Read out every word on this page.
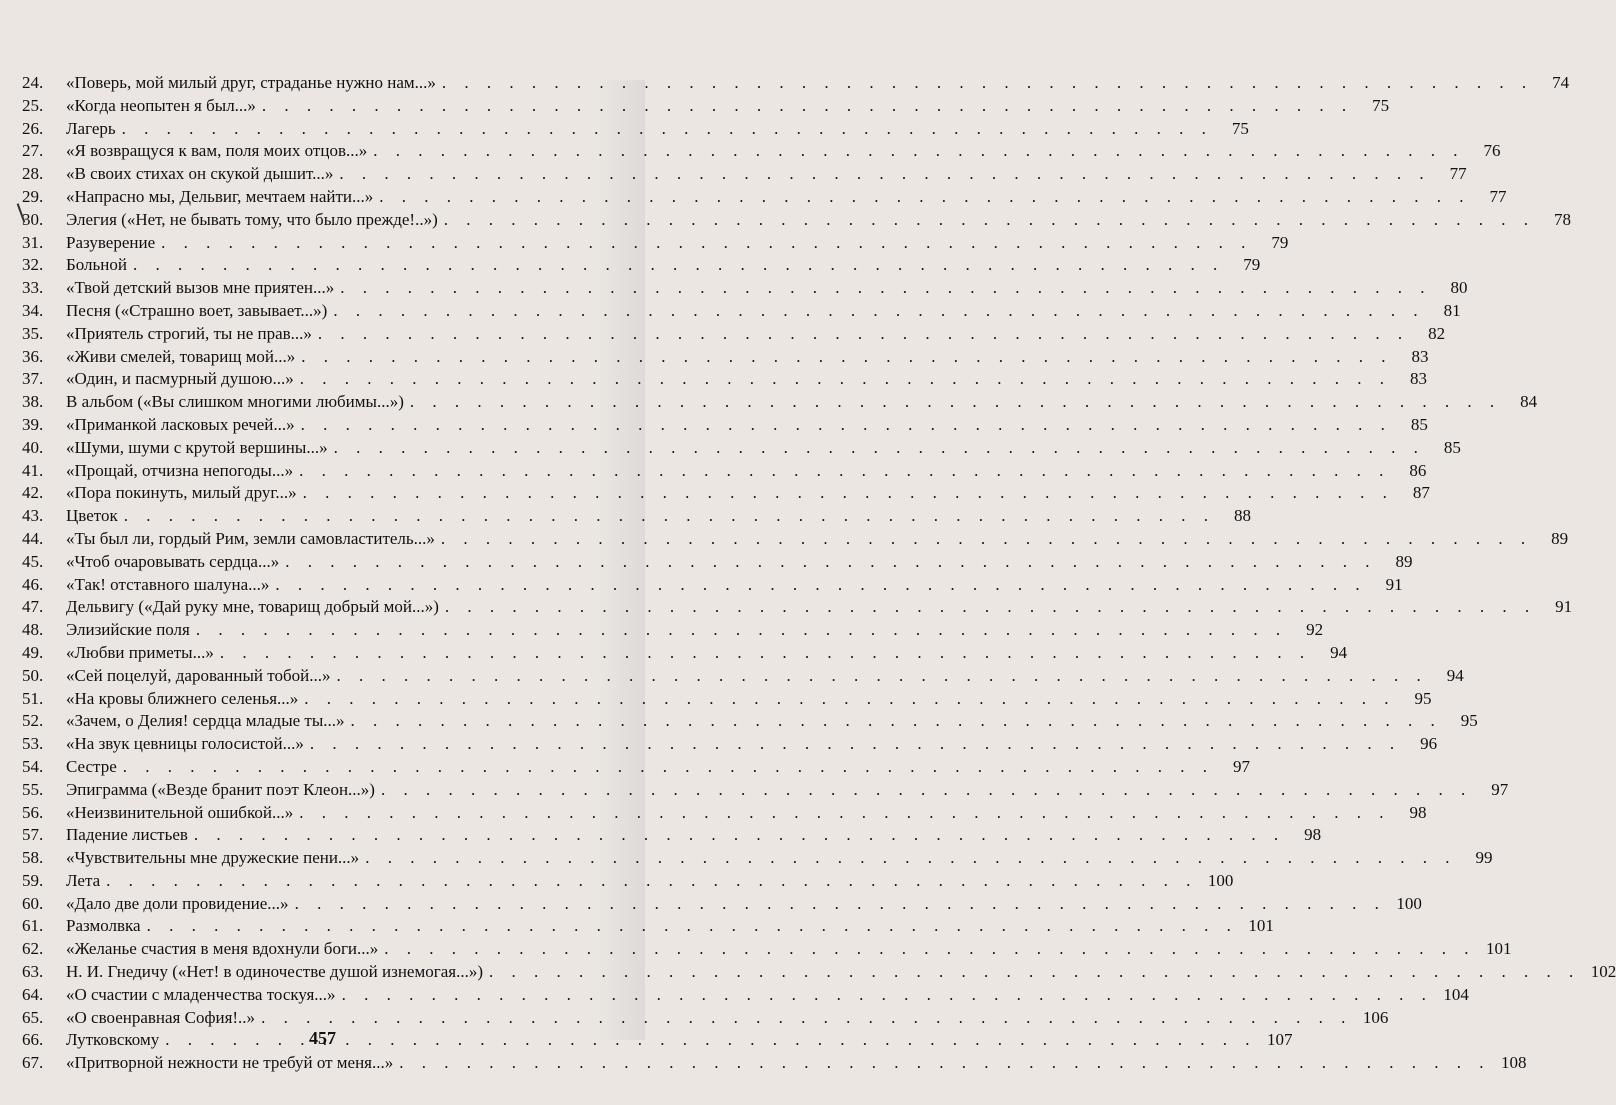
24.	«Поверь, мой милый друг, страданье нужно нам...» . . .	74
25.	«Когда неопытен я был...» . . .	75
26.	Лагерь . . .	75
27.	«Я возвращуся к вам, поля моих отцов...» . . .	76
28.	«В своих стихах он скукой дышит...» . . .	77
29.	«Напрасно мы, Дельвиг, мечтаем найти...» . . .	77
30.	Элегия («Нет, не бывать тому, что было прежде!..») . . .	78
31.	Разуверение . . .	79
32.	Больной . . .	79
33.	«Твой детский вызов мне приятен...» . . .	80
34.	Песня («Страшно воет, завывает...») . . .	81
35.	«Приятель строгий, ты не прав...» . . .	82
36.	«Живи смелей, товарищ мой...» . . .	83
37.	«Один, и пасмурный душою...» . . .	83
38.	В альбом («Вы слишком многими любимы...») . . .	84
39.	«Приманкой ласковых речей...» . . .	85
40.	«Шуми, шуми с крутой вершины...» . . .	85
41.	«Прощай, отчизна непогоды...» . . .	86
42.	«Пора покинуть, милый друг...» . . .	87
43.	Цветок . . .	88
44.	«Ты был ли, гордый Рим, земли самовластитель...» . . .	89
45.	«Чтоб очаровывать сердца...» . . .	89
46.	«Так! отставного шалуна...» . . .	91
47.	Дельвигу («Дай руку мне, товарищ добрый мой...») . . .	91
48.	Элизийские поля . . .	92
49.	«Любви приметы...» . . .	94
50.	«Сей поцелуй, дарованный тобой...» . . .	94
51.	«На кровы ближнего селенья...» . . .	95
52.	«Зачем, о Делия! сердца младые ты...» . . .	95
53.	«На звук цевницы голосистой...» . . .	96
54.	Сестре . . .	97
55.	Эпиграмма («Везде бранит поэт Клеон...») . . .	97
56.	«Неизвинительной ошибкой...» . . .	98
57.	Падение листьев . . .	98
58.	«Чувствительны мне дружеские пени...» . . .	99
59.	Лета . . .	100
60.	«Дало две доли провидение...» . . .	100
61.	Размолвка . . .	101
62.	«Желанье счастия в меня вдохнули боги...» . . .	101
63.	Н. И. Гнедичу («Нет! в одиночестве душой изнемогая...») . . .	102
64.	«О счастии с младенчества тоскуя...» . . .	104
65.	«О своенравная София!..» . . .	106
66.	Лутковскому . . .	107
67.	«Притворной нежности не требуй от меня...» . . .	108
457
